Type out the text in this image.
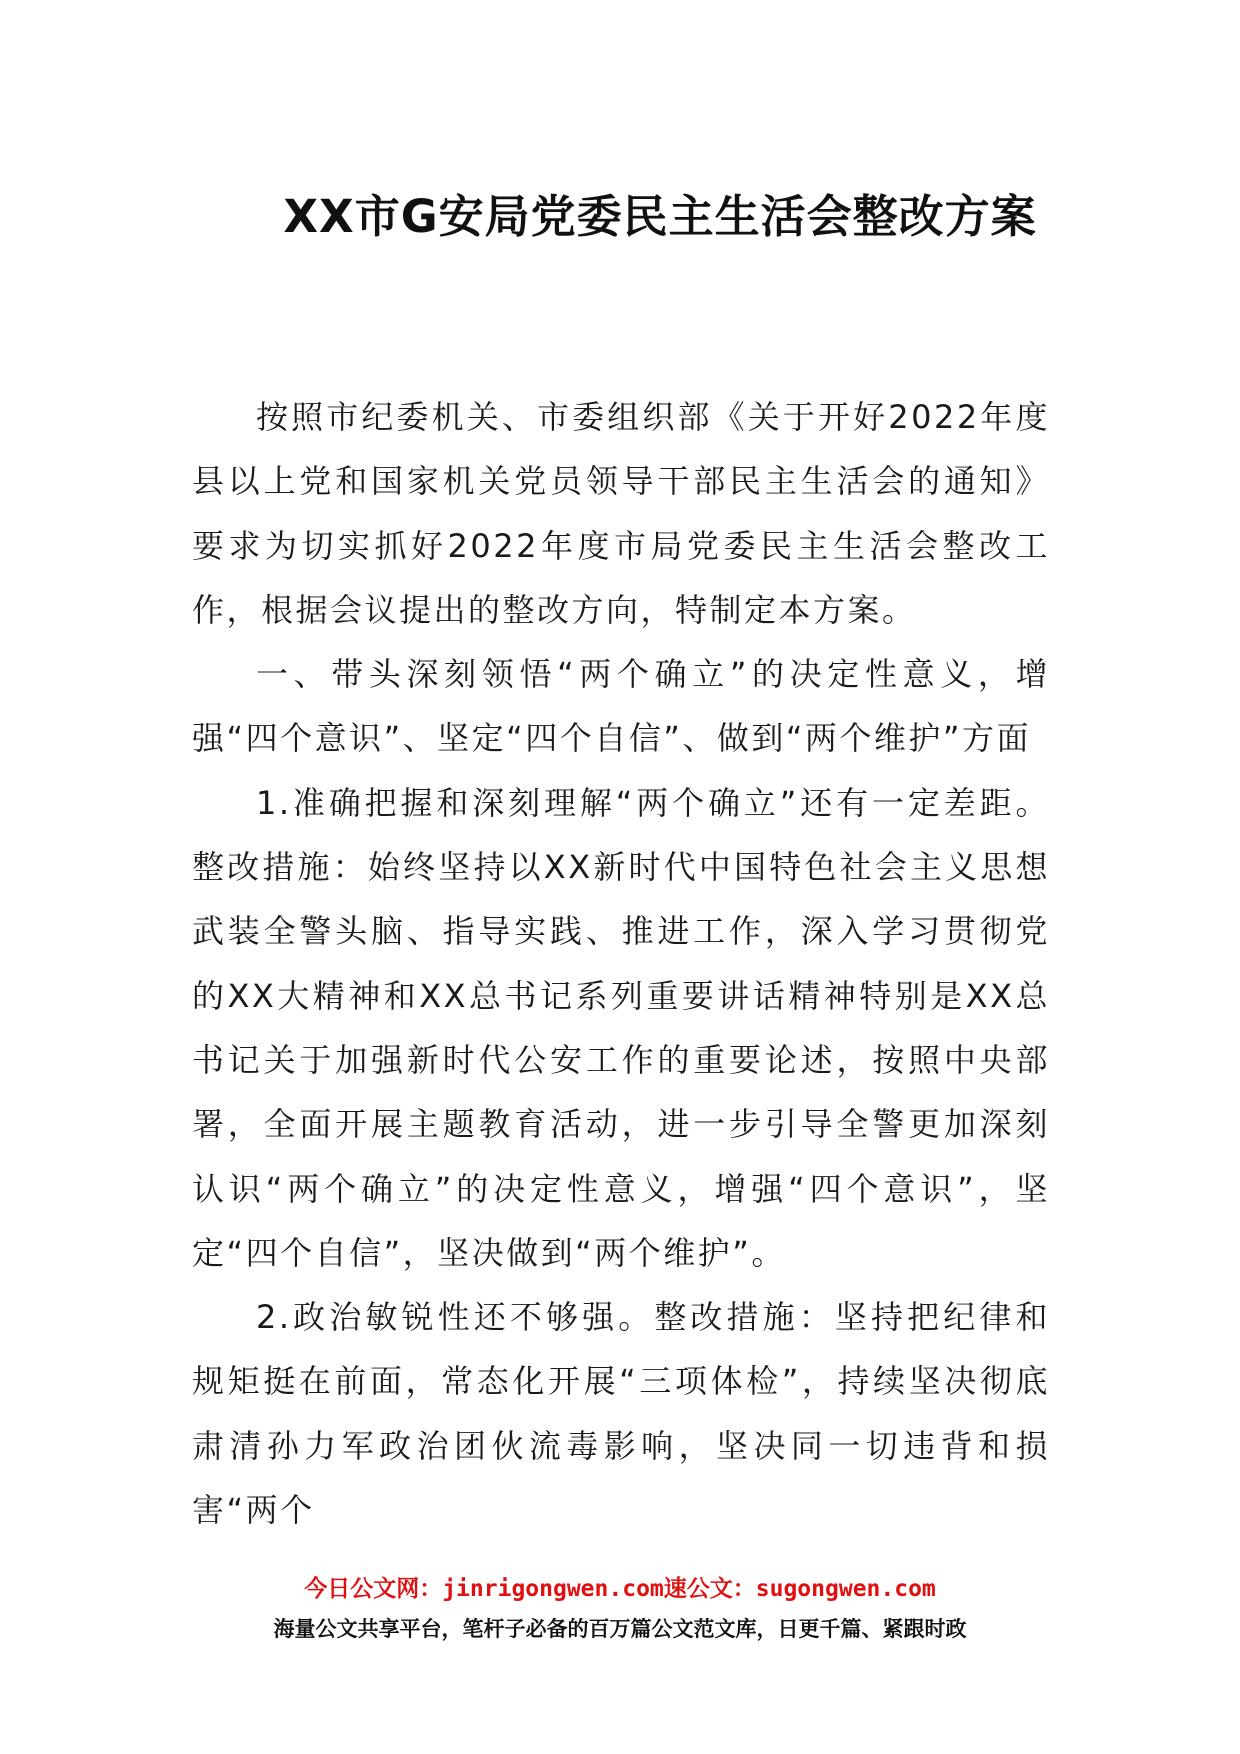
XX市G安局党委民主生活会整改方案

按照市纪委机关、市委组织部《关于开好2022年度县以上党和国家机关党员领导干部民主生活会的通知》要求为切实抓好2022年度市局党委民主生活会整改工作，根据会议提出的整改方向，特制定本方案。

一、带头深刻领悟“两个确立”的决定性意义，增强“四个意识”、坚定“四个自信”、做到“两个维护”方面

1.准确把握和深刻理解“两个确立”还有一定差距。整改措施：始终坚持以XX新时代中国特色社会主义思想武装全警头脑、指导实践、推进工作，深入学习贯彻党的XX大精神和XX总书记系列重要讲话精神特别是XX总书记关于加强新时代公安工作的重要论述，按照中央部署，全面开展主题教育活动，进一步引导全警更加深刻认识“两个确立”的决定性意义，增强“四个意识”，坚定“四个自信”，坚决做到“两个维护”。

2.政治敏锐性还不够强。整改措施：坚持把纪律和规矩挺在前面，常态化开展“三项体检”，持续坚决彻底肃清孙力军政治团伙流毒影响，坚决同一切违背和损害“两个

今日公文网：jinrigongwen.com速公文：sugongwen.com
海量公文共享平台，笔杆子必备的百万篇公文范文库，日更千篇、紧跟时政
